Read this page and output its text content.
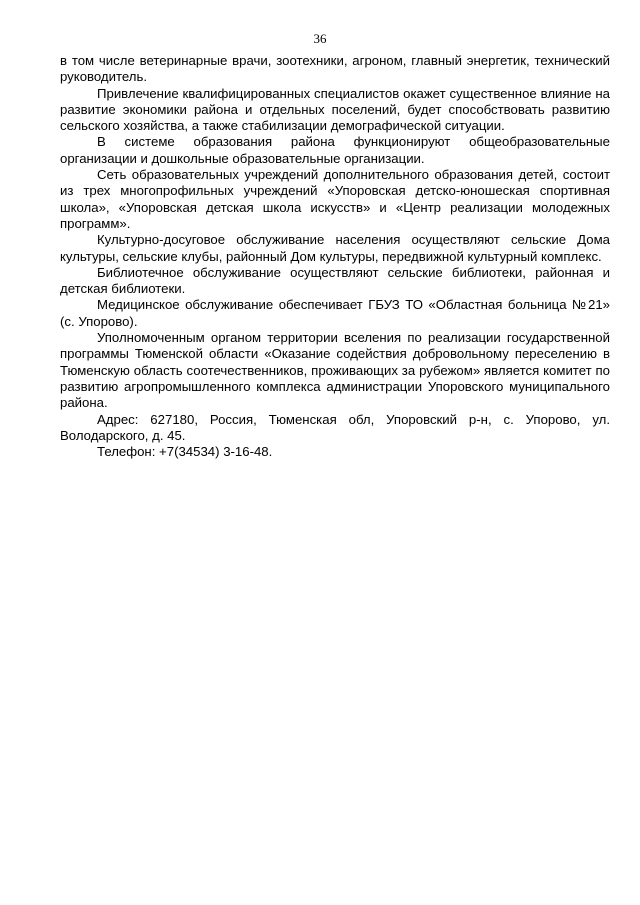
36

в том числе ветеринарные врачи, зоотехники, агроном, главный энергетик, технический руководитель.

Привлечение квалифицированных специалистов окажет существенное влияние на развитие экономики района и отдельных поселений, будет способствовать развитию сельского хозяйства, а также стабилизации демографической ситуации.

В системе образования района функционируют общеобразовательные организации и дошкольные образовательные организации.

Сеть образовательных учреждений дополнительного образования детей, состоит из трех многопрофильных учреждений «Упоровская детско-юношеская спортивная школа», «Упоровская детская школа искусств» и «Центр реализации молодежных программ».

Культурно-досуговое обслуживание населения осуществляют сельские Дома культуры, сельские клубы, районный Дом культуры, передвижной культурный комплекс.

Библиотечное обслуживание осуществляют сельские библиотеки, районная и детская библиотеки.

Медицинское обслуживание обеспечивает ГБУЗ ТО «Областная больница №21» (с. Упорово).

Уполномоченным органом территории вселения по реализации государственной программы Тюменской области «Оказание содействия добровольному переселению в Тюменскую область соотечественников, проживающих за рубежом» является комитет по развитию агропромышленного комплекса администрации Упоровского муниципального района.

Адрес: 627180, Россия, Тюменская обл, Упоровский р-н, с. Упорово, ул. Володарского, д. 45.

Телефон: +7(34534) 3-16-48.
